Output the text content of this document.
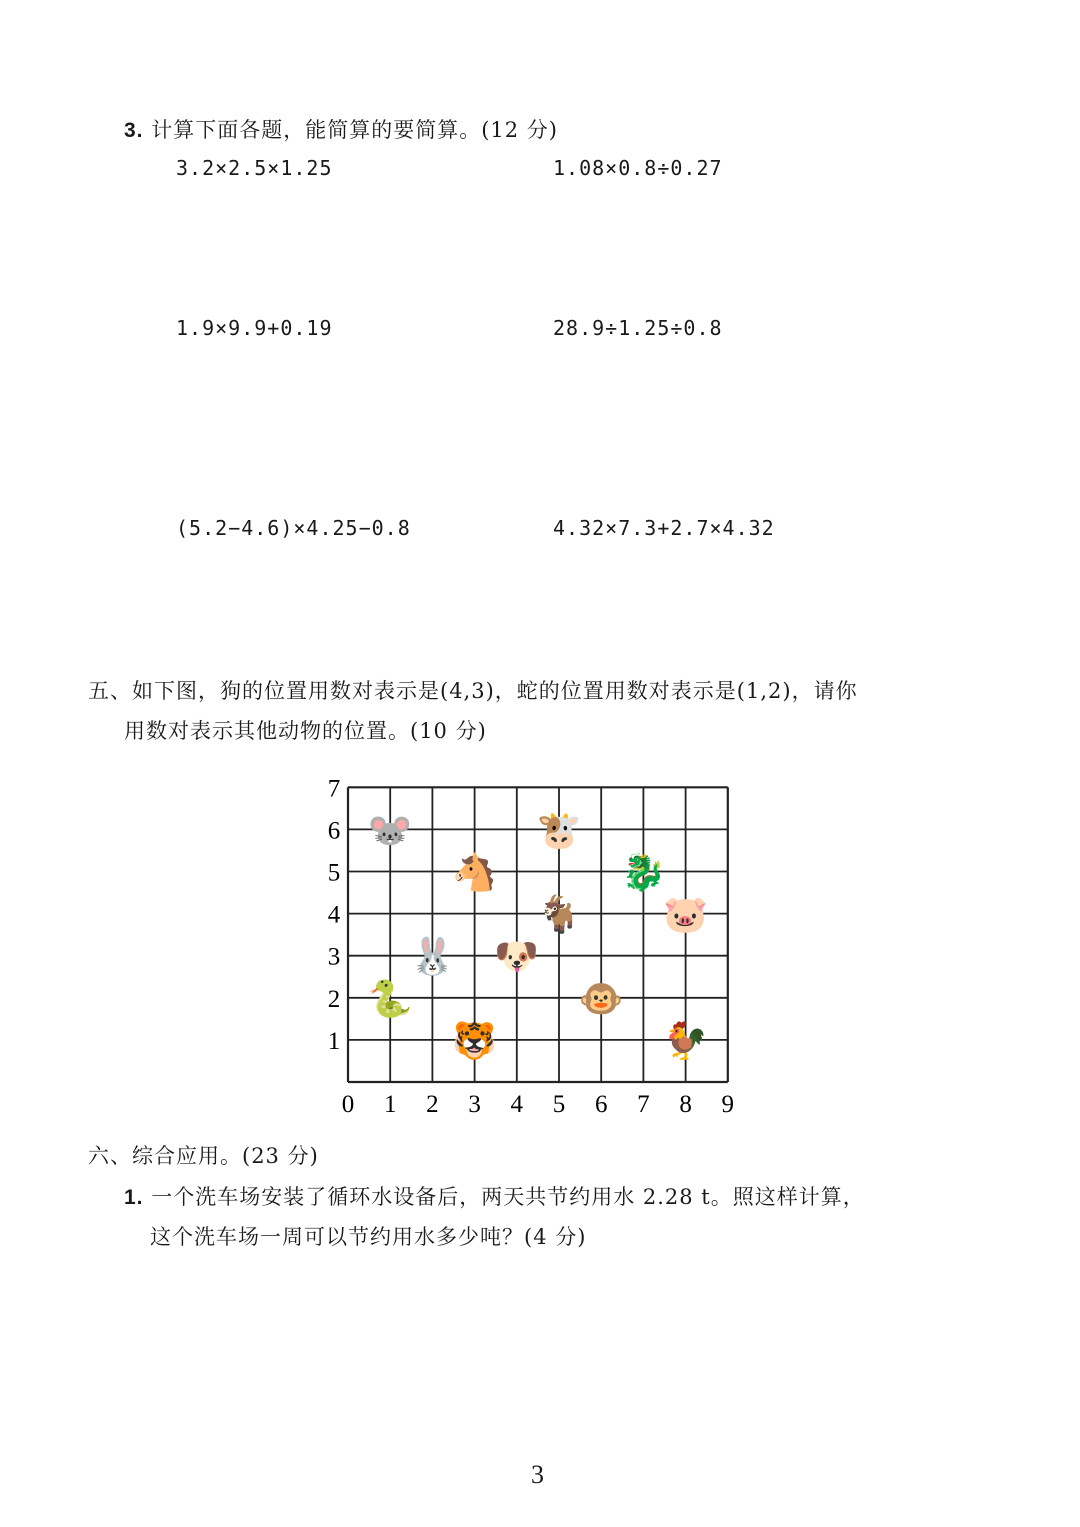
3. 计算下面各题，能简算的要简算。(12 分)
3.2×2.5×1.25	1.08×0.8÷0.27
1.9×9.9+0.19	28.9÷1.25÷0.8
(5.2−4.6)×4.25−0.8	4.32×7.3+2.7×4.32
五、如下图，狗的位置用数对表示是(4,3)，蛇的位置用数对表示是(1,2)，请你
用数对表示其他动物的位置。(10 分)
0 1 2 3 4 5 6 7 8 9
1
2
3
4
5
6
7
🐭
🐴
🐮
🐉
🐐 🐷
🐰 🐶
🐍	🐵
🐯	🐓
六、综合应用。(23 分)
1. 一个洗车场安装了循环水设备后，两天共节约用水 2.28 t。照这样计算，
这个洗车场一周可以节约用水多少吨？(4 分)
3
